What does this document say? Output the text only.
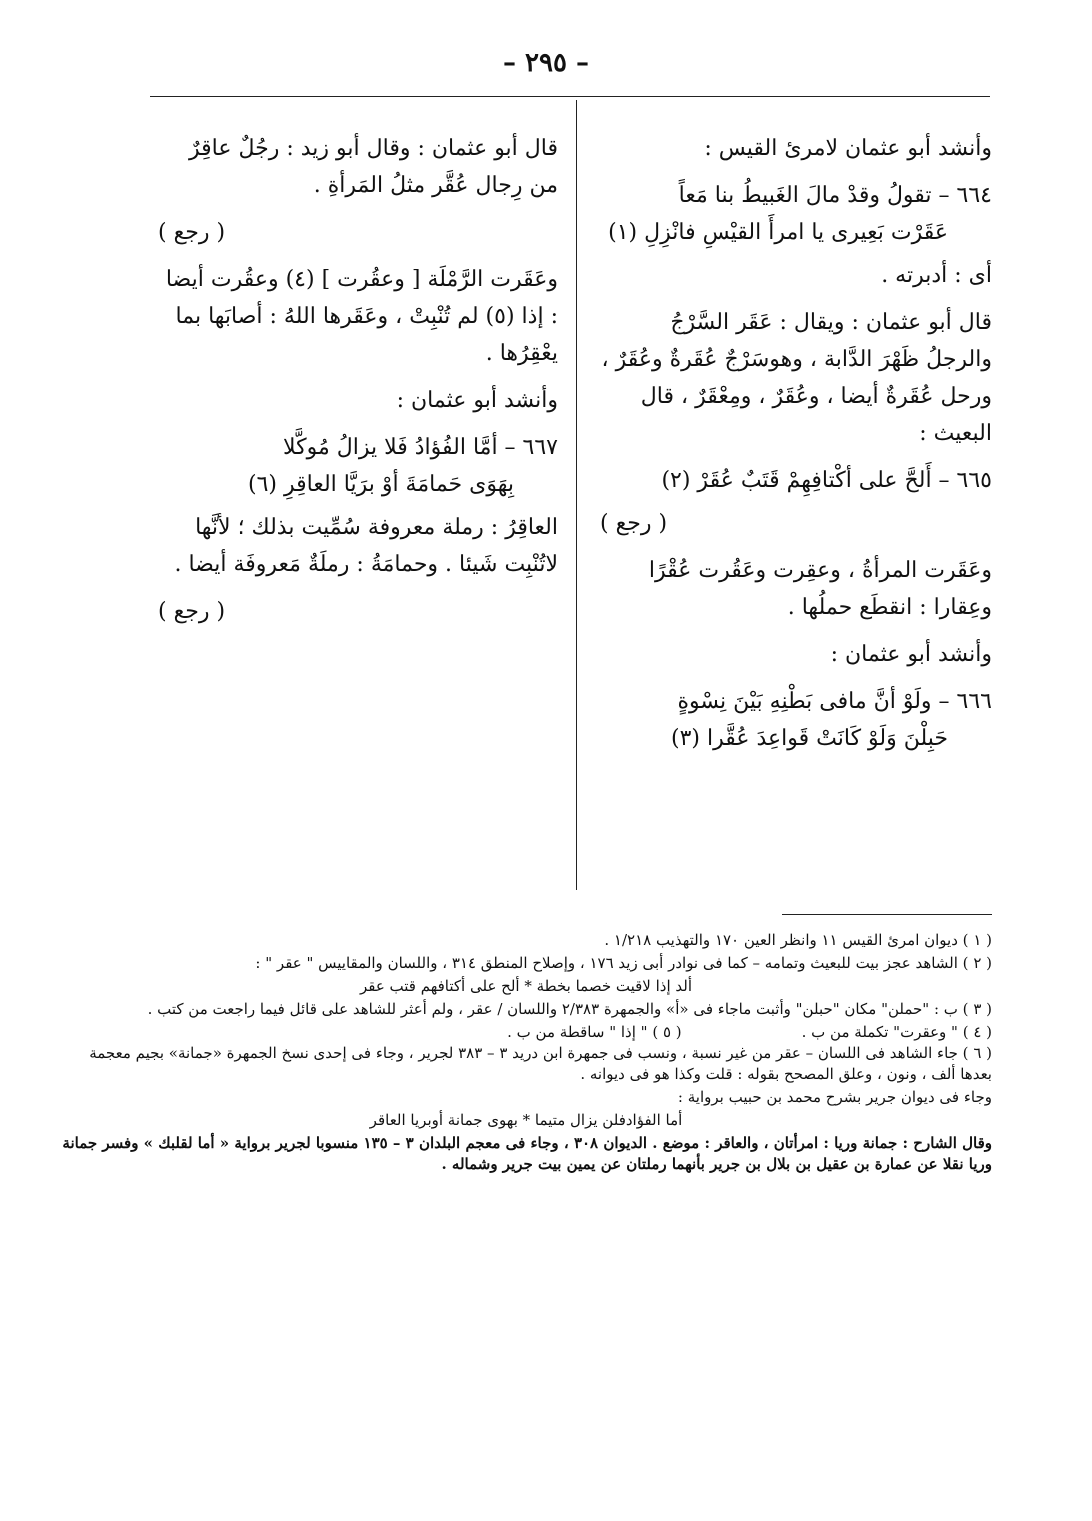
– ٢٩٥ –

وأنشد أبو عثمان لامرئ القيس :

٦٦٤ – تقولُ وقدْ مالَ الغَبيطُ بنا مَعاً
عَقَرْت بَعِيرى يا امرأَ القيْسِ فانْزِلِ (١)

أى : أدبرته .

قال أبو عثمان : ويقال : عَقَر السَّرْجُ والرجلُ ظَهْرَ الدَّابة ، وهوسَرْجٌ عُقَرةٌ وعُقَرٌ ، ورحل عُقَرةٌ أيضا ، وعُقَرٌ ، ومِعْقَرٌ ، قال البعيث :

٦٦٥ – أَلحَّ على أكْتافِهِمْ قَتَبٌ عُقَرْ (٢)

( رجع )

وعَقَرت المرأةُ ، وعقِرت وعَقُرت عُقْرًا وعِقارا : انقطَع حملُها .

وأنشد أبو عثمان :

٦٦٦ – ولَوْ أنَّ مافى بَطْنِهِ بَيْنَ نِسْوةٍ
حَبِلْنَ وَلَوْ كَانَتْ قَواعِدَ عُقَّرا (٣)

قال أبو عثمان : وقال أبو زيد : رجُلٌ عاقِرٌ من رِجال عُقَّر مثلُ المَرأةِ .

( رجع )

وعَقَرت الرَّمْلَة [ وعقُرت ] (٤) وعقُرت أيضا : إذا (٥) لم تُنْبِتْ ، وعَقَرها اللهُ : أصابَها بما يعْقِرُها .

وأنشد أبو عثمان :

٦٦٧ – أمَّا الفُؤادُ فَلا يزالُ مُوكَّلا
بِهَوَى حَمامَةَ أوْ برَيَّا العاقِرِ (٦)

العاقِرُ : رملة معروفة سُمِّيت بذلك ؛ لأنَّها لاتُنْبِت شَيئا . وحمامَةُ : رملَةٌ مَعروفَة أيضا .

( رجع )

( ١ ) ديوان امرئ القيس ١١ وانظر العين ١٧٠ والتهذيب ١/٢١٨ .

( ٢ ) الشاهد عجز بيت للبعيث وتمامه – كما فى نوادر أبى زيد ١٧٦ ، وإصلاح المنطق ٣١٤ ، واللسان والمقاييس " عقر " :

ألد إذا لاقيت خصما بخطة * ألح على أكتافهم قتب عقر

( ٣ ) ب : "حملن" مكان "حبلن" وأثبت ماجاء فى «أ» والجمهرة ٢/٣٨٣ واللسان / عقر ، ولم أعثر للشاهد على قائل فيما راجعت من كتب .

( ٤ ) " وعقرت" تكملة من ب .
( ٥ ) " إذا " ساقطة من ب .

( ٦ ) جاء الشاهد فى اللسان – عقر من غير نسبة ، ونسب فى جمهرة ابن دريد ٣ – ٣٨٣ لجرير ، وجاء فى إحدى نسخ الجمهرة «جمانة» بجيم معجمة بعدها ألف ، ونون ، وعلق المصحح بقوله : قلت وكذا هو فى ديوانه .

وجاء فى ديوان جرير بشرح محمد بن حبيب برواية :

أما الفؤادفلن يزال متيما * بهوى جمانة أوبريا العاقر

وقال الشارح : جمانة وريا : امرأتان ، والعاقر : موضع . الديوان ٣٠٨ ، وجاء فى معجم البلدان ٣ – ١٣٥ منسوبا لجرير برواية « أما لقلبك » وفسر جمانة وريا نقلا عن عمارة بن عقيل بن بلال بن جرير بأنهما رملتان عن يمين بيت جرير وشماله .
